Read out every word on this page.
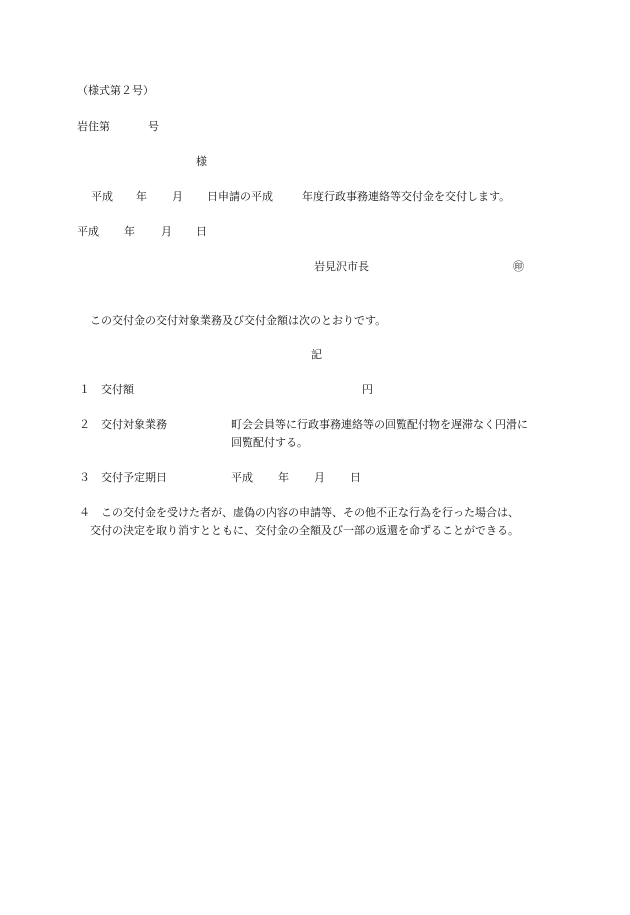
（様式第２号）
岩住第	号
様
平成 年 月 日申請の平成	年度行政事務連絡等交付金を交付します。
平成 年 月 日
岩見沢市長	㊞
この交付金の交付対象業務及び交付金額は次のとおりです。
記
１ 交付額	円
２ 交付対象業務	町会会員等に行政事務連絡等の回覧配付物を遅滞なく円滑に
回覧配付する。
３ 交付予定期日	平成 年 月 日
４ この交付金を受けた者が、虚偽の内容の申請等、その他不正な行為を行った場合は、
交付の決定を取り消すとともに、交付金の全額及び一部の返還を命ずることができる。
